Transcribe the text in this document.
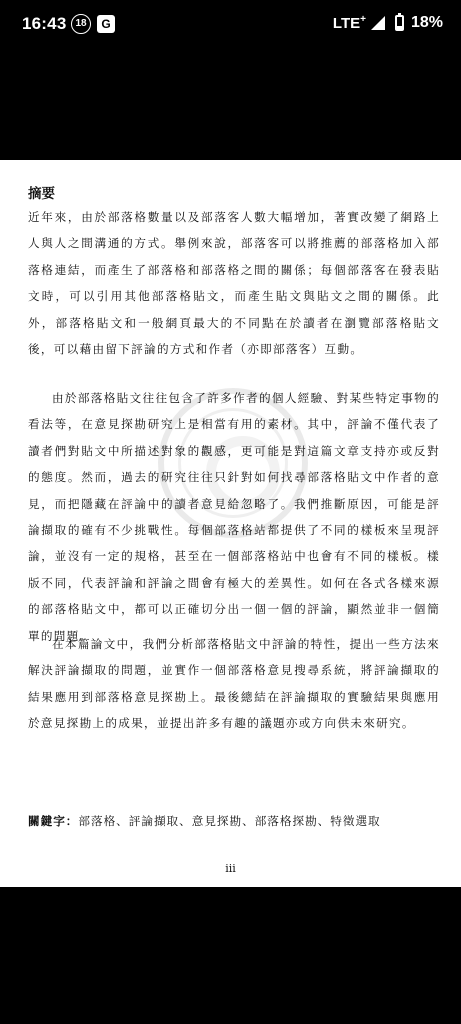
16:43 18	G	LTE+	18%
摘要

近年來，由於部落格數量以及部落客人數大幅增加，著實改變了網路上人與人之間溝通的方式。舉例來說，部落客可以將推薦的部落格加入部落格連結，而產生了部落格和部落格之間的關係；每個部落客在發表貼文時，可以引用其他部落格貼文，而產生貼文與貼文之間的關係。此外，部落格貼文和一般網頁最大的不同點在於讀者在瀏覽部落格貼文後，可以藉由留下評論的方式和作者（亦即部落客）互動。

由於部落格貼文往往包含了許多作者的個人經驗、對某些特定事物的看法等，在意見探勘研究上是相當有用的素材。其中，評論不僅代表了讀者們對貼文中所描述對象的觀感，更可能是對這篇文章支持亦或反對的態度。然而，過去的研究往往只針對如何找尋部落格貼文中作者的意見，而把隱藏在評論中的讀者意見給忽略了。我們推斷原因，可能是評論擷取的確有不少挑戰性。每個部落格站都提供了不同的樣板來呈現評論，並沒有一定的規格，甚至在一個部落格站中也會有不同的樣板。樣版不同，代表評論和評論之間會有極大的差異性。如何在各式各樣來源的部落格貼文中，都可以正確切分出一個一個的評論，顯然並非一個簡單的問題。

在本篇論文中，我們分析部落格貼文中評論的特性，提出一些方法來解決評論擷取的問題，並實作一個部落格意見搜尋系統，將評論擷取的結果應用到部落格意見探勘上。最後總結在評論擷取的實驗結果與應用於意見探勘上的成果，並提出許多有趣的議題亦或方向供未來研究。

關鍵字：部落格、評論擷取、意見探勘、部落格探勘、特徵選取
iii
